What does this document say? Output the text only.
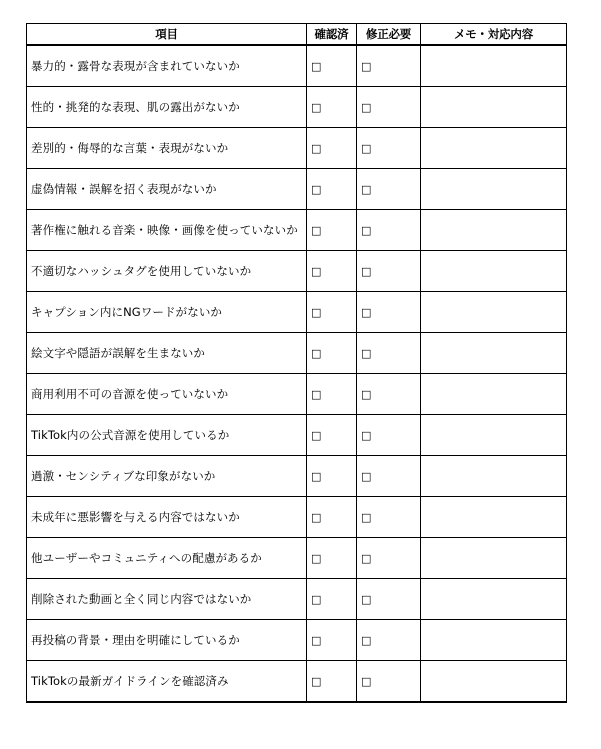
項目	確認済	修正必要	メモ・対応内容
暴力的・露骨な表現が含まれていないか	□	□	
性的・挑発的な表現、肌の露出がないか	□	□	
差別的・侮辱的な言葉・表現がないか	□	□	
虚偽情報・誤解を招く表現がないか	□	□	
著作権に触れる音楽・映像・画像を使っていないか	□	□	
不適切なハッシュタグを使用していないか	□	□	
キャプション内にNGワードがないか	□	□	
絵文字や隠語が誤解を生まないか	□	□	
商用利用不可の音源を使っていないか	□	□	
TikTok内の公式音源を使用しているか	□	□	
過激・センシティブな印象がないか	□	□	
未成年に悪影響を与える内容ではないか	□	□	
他ユーザーやコミュニティへの配慮があるか	□	□	
削除された動画と全く同じ内容ではないか	□	□	
再投稿の背景・理由を明確にしているか	□	□	
TikTokの最新ガイドラインを確認済み	□	□	
